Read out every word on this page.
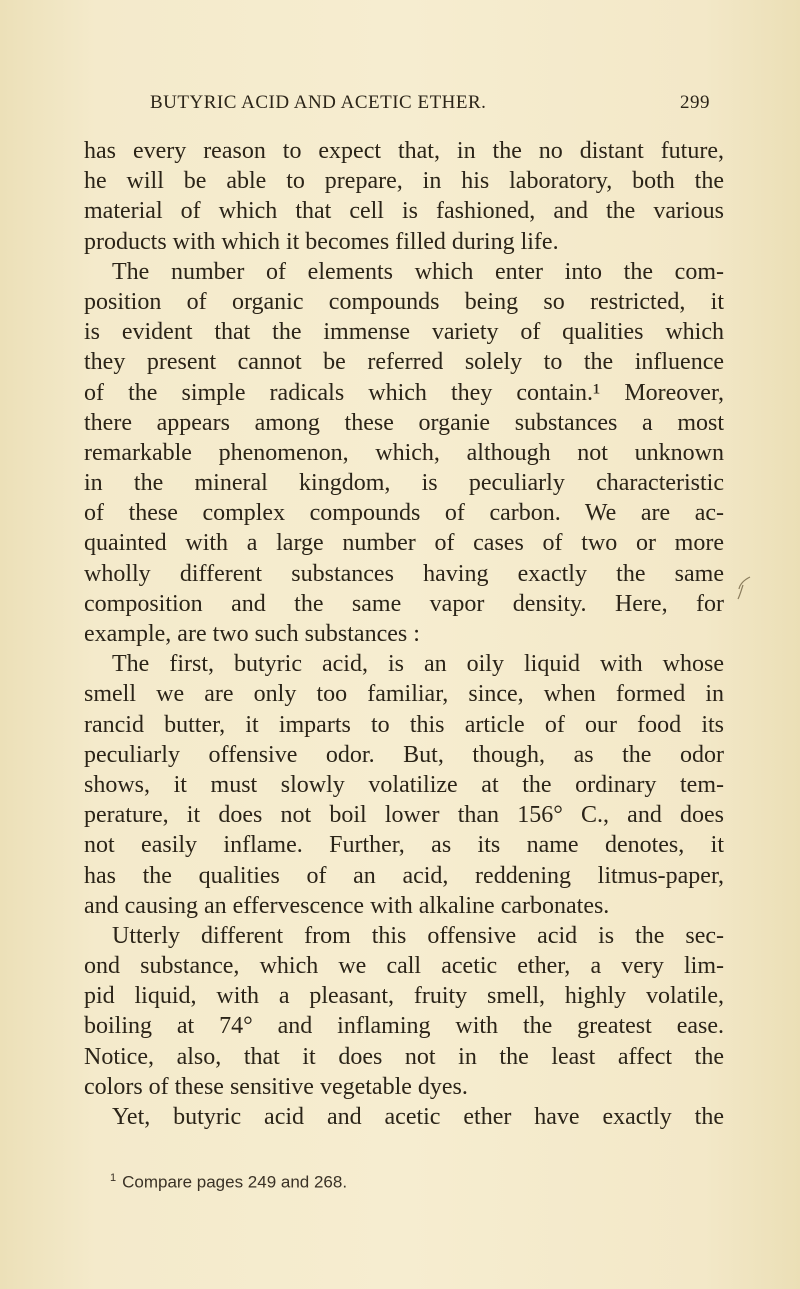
BUTYRIC ACID AND ACETIC ETHER.	299
has every reason to expect that, in the no distant future,
he will be able to prepare, in his laboratory, both the
material of which that cell is fashioned, and the various
products with which it becomes filled during life.
The number of elements which enter into the com-
position of organic compounds being so restricted, it
is evident that the immense variety of qualities which
they present cannot be referred solely to the influence
of the simple radicals which they contain.¹ Moreover,
there appears among these organie substances a most
remarkable phenomenon, which, although not unknown
in the mineral kingdom, is peculiarly characteristic
of these complex compounds of carbon. We are ac-
quainted with a large number of cases of two or more
wholly different substances having exactly the same
composition and the same vapor density. Here, for
example, are two such substances :
The first, butyric acid, is an oily liquid with whose
smell we are only too familiar, since, when formed in
rancid butter, it imparts to this article of our food its
peculiarly offensive odor. But, though, as the odor
shows, it must slowly volatilize at the ordinary tem-
perature, it does not boil lower than 156° C., and does
not easily inflame. Further, as its name denotes, it
has the qualities of an acid, reddening litmus-paper,
and causing an effervescence with alkaline carbonates.
Utterly different from this offensive acid is the sec-
ond substance, which we call acetic ether, a very lim-
pid liquid, with a pleasant, fruity smell, highly volatile,
boiling at 74° and inflaming with the greatest ease.
Notice, also, that it does not in the least affect the
colors of these sensitive vegetable dyes.
Yet, butyric acid and acetic ether have exactly the
$^1$ Compare pages 249 and 268.
